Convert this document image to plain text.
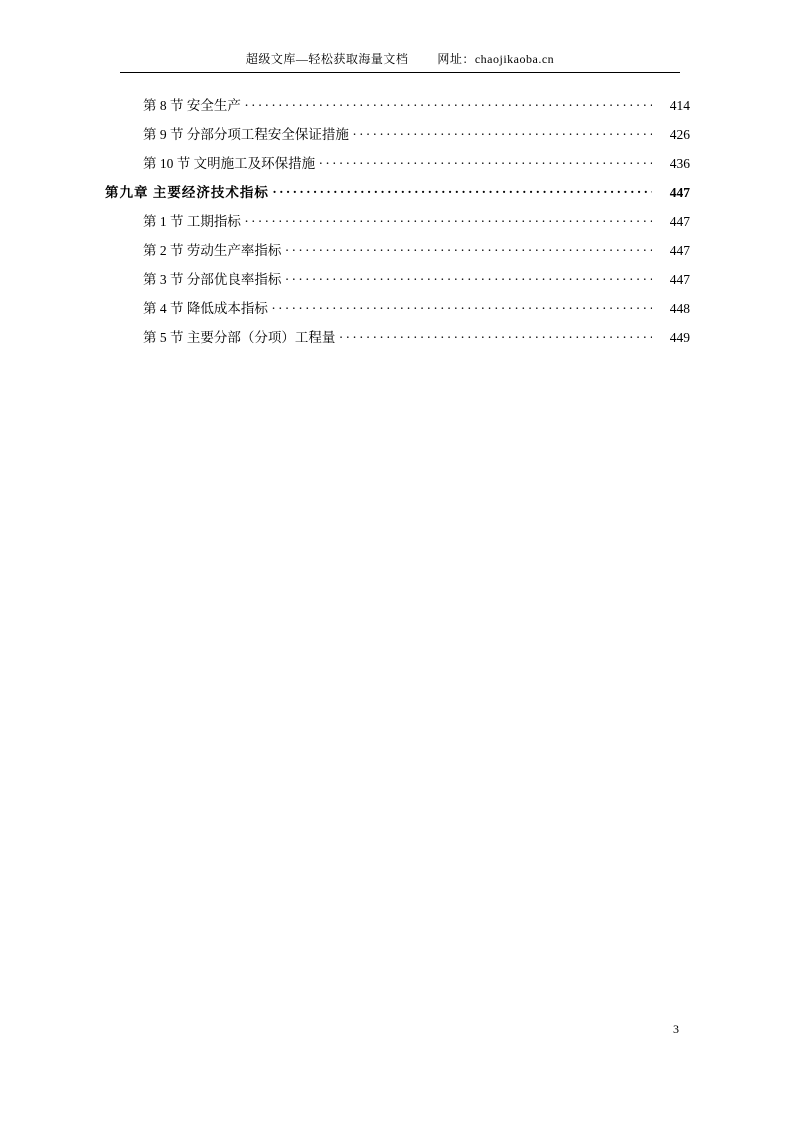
超级文库—轻松获取海量文档 网址：chaojikaoba.cn
第 8 节 安全生产 . . .	414
第 9 节 分部分项工程安全保证措施 . . .	426
第 10 节 文明施工及环保措施 . . .	436
第九章 主要经济技术指标 . . .	447
第 1 节 工期指标 . . .	447
第 2 节 劳动生产率指标 . . .	447
第 3 节 分部优良率指标 . . .	447
第 4 节 降低成本指标 . . .	448
第 5 节 主要分部（分项）工程量 . . .	449
3
